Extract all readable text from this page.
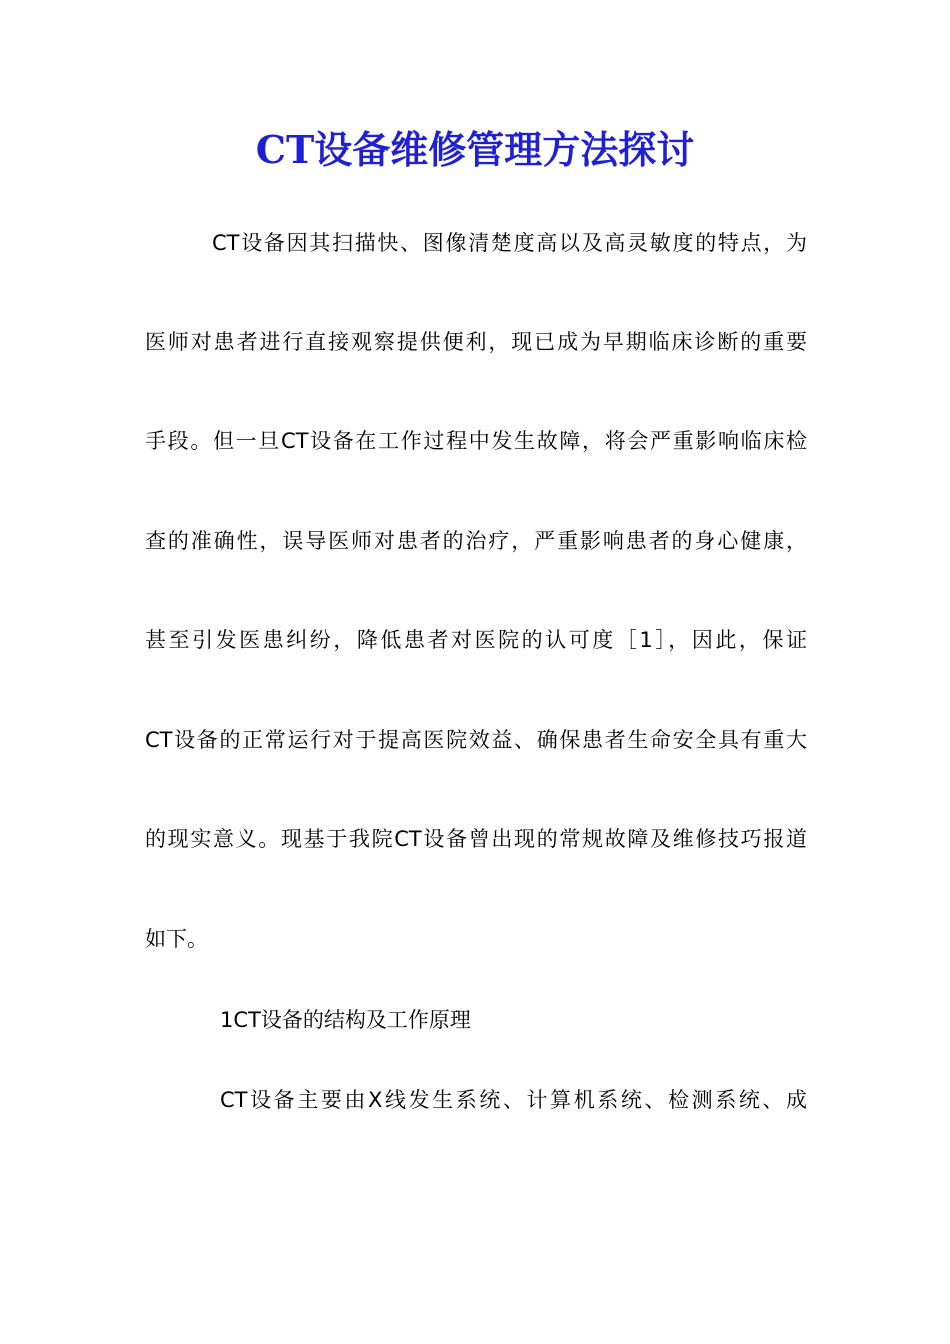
CT设备维修管理方法探讨
CT设备因其扫描快、图像清楚度高以及高灵敏度的特点，为
医师对患者进行直接观察提供便利，现已成为早期临床诊断的重要
手段。但一旦CT设备在工作过程中发生故障，将会严重影响临床检
查的准确性，误导医师对患者的治疗，严重影响患者的身心健康，
甚至引发医患纠纷，降低患者对医院的认可度［1］，因此，保证
CT设备的正常运行对于提高医院效益、确保患者生命安全具有重大
的现实意义。现基于我院CT设备曾出现的常规故障及维修技巧报道
如下。
1CT设备的结构及工作原理
CT设备主要由X线发生系统、计算机系统、检测系统、成
